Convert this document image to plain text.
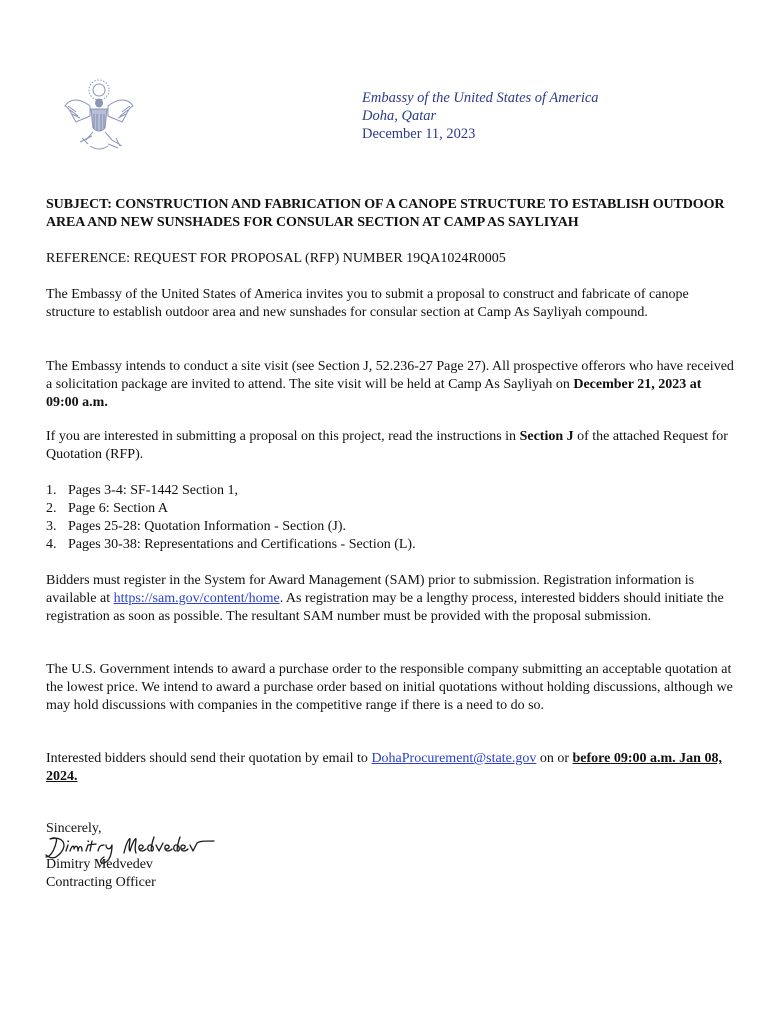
Embassy of the United States of America
Doha, Qatar
December 11, 2023
SUBJECT: CONSTRUCTION AND FABRICATION OF A CANOPE STRUCTURE TO ESTABLISH OUTDOOR AREA AND NEW SUNSHADES FOR CONSULAR SECTION AT CAMP AS SAYLIYAH
REFERENCE: REQUEST FOR PROPOSAL (RFP) NUMBER 19QA1024R0005
The Embassy of the United States of America invites you to submit a proposal to construct and fabricate of canope structure to establish outdoor area and new sunshades for consular section at Camp As Sayliyah compound.
The Embassy intends to conduct a site visit (see Section J, 52.236-27 Page 27). All prospective offerors who have received a solicitation package are invited to attend. The site visit will be held at Camp As Sayliyah on December 21, 2023 at 09:00 a.m.
If you are interested in submitting a proposal on this project, read the instructions in Section J of the attached Request for Quotation (RFP).
1. Pages 3-4: SF-1442 Section 1,
2. Page 6: Section A
3. Pages 25-28: Quotation Information - Section (J).
4. Pages 30-38: Representations and Certifications - Section (L).
Bidders must register in the System for Award Management (SAM) prior to submission. Registration information is available at https://sam.gov/content/home. As registration may be a lengthy process, interested bidders should initiate the registration as soon as possible. The resultant SAM number must be provided with the proposal submission.
The U.S. Government intends to award a purchase order to the responsible company submitting an acceptable quotation at the lowest price. We intend to award a purchase order based on initial quotations without holding discussions, although we may hold discussions with companies in the competitive range if there is a need to do so.
Interested bidders should send their quotation by email to DohaProcurement@state.gov on or before 09:00 a.m. Jan 08, 2024.
Sincerely,
Dimitry Medvedev
Contracting Officer
